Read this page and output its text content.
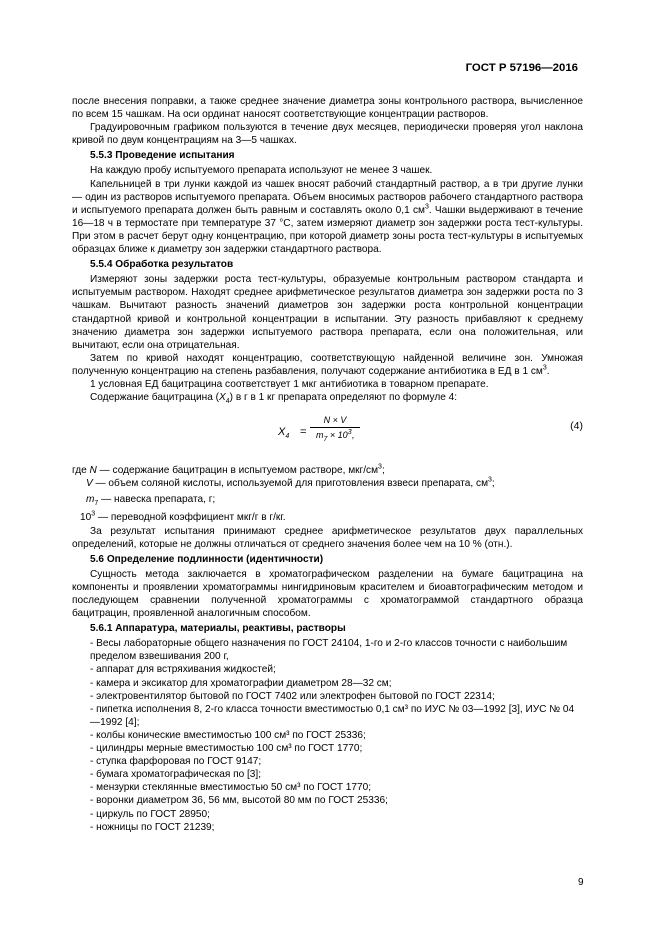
ГОСТ Р 57196—2016

после внесения поправки, а также среднее значение диаметра зоны контрольного раствора, вычисленное по всем 15 чашкам. На оси ординат наносят соответствующие концентрации растворов.

Градуировочным графиком пользуются в течение двух месяцев, периодически проверяя угол наклона кривой по двум концентрациям на 3—5 чашках.

5.5.3 Проведение испытания

На каждую пробу испытуемого препарата используют не менее 3 чашек.

Капельницей в три лунки каждой из чашек вносят рабочий стандартный раствор, а в три другие лунки — один из растворов испытуемого препарата. Объем вносимых растворов рабочего стандартного раствора и испытуемого препарата должен быть равным и составлять около 0,1 $см^3$. Чашки выдерживают в течение 16—18 ч в термостате при температуре 37 °C, затем измеряют диаметр зон задержки роста тест-культуры. При этом в расчет берут одну концентрацию, при которой диаметр зоны роста тест-культуры в испытуемых образцах ближе к диаметру зон задержки стандартного раствора.

5.5.4 Обработка результатов

Измеряют зоны задержки роста тест-культуры, образуемые контрольным раствором стандарта и испытуемым раствором. Находят среднее арифметическое результатов диаметра зон задержки роста по 3 чашкам. Вычитают разность значений диаметров зон задержки роста контрольной концентрации стандартной кривой и контрольной концентрации в испытании. Эту разность прибавляют к среднему значению диаметра зон задержки испытуемого раствора препарата, если она положительная, или вычитают, если она отрицательная.

Затем по кривой находят концентрацию, соответствующую найденной величине зон. Умножая полученную концентрацию на степень разбавления, получают содержание антибиотика в ЕД в 1 $см^3$.

1 условная ЕД бацитрацина соответствует 1 мкг антибиотика в товарном препарате.

Содержание бацитрацина $(X_4)$ в г в 1 кг препарата определяют по формуле 4:

$X_4 = \frac{N \times V}{m_7 \times 10^3,}$	(4)

где N — содержание бацитрацин в испытуемом растворе, мкг/$см^3$;

V — объем соляной кислоты, используемой для приготовления взвеси препарата, $см^3$;

$m_7$ — навеска препарата, г;

$10^3$ — переводной коэффициент мкг/г в г/кг.

За результат испытания принимают среднее арифметическое результатов двух параллельных определений, которые не должны отличаться от среднего значения более чем на 10 % (отн.).

5.6 Определение подлинности (идентичности)

Сущность метода заключается в хроматографическом разделении на бумаге бацитрацина на компоненты и проявлении хроматограммы нингидриновым красителем и биоавтографическим методом и последующем сравнении полученной хроматограммы с хроматограммой стандартного образца бацитрацин, проявленной аналогичным способом.

5.6.1 Аппаратура, материалы, реактивы, растворы

- Весы лабораторные общего назначения по ГОСТ 24104, 1-го и 2-го классов точности с наибольшим пределом взвешивания 200 г,

- аппарат для встряхивания жидкостей;

- камера и эксикатор для хроматографии диаметром 28—32 см;

- электровентилятор бытовой по ГОСТ 7402 или электрофен бытовой по ГОСТ 22314;

- пипетка исполнения 8, 2-го класса точности вместимостью 0,1 см³ по ИУС № 03—1992 [3], ИУС № 04—1992 [4];

- колбы конические вместимостью 100 см³ по ГОСТ 25336;

- цилиндры мерные вместимостью 100 см³ по ГОСТ 1770;

- ступка фарфоровая по ГОСТ 9147;

- бумага хроматографическая по [3];

- мензурки стеклянные вместимостью 50 см³ по ГОСТ 1770;

- воронки диаметром 36, 56 мм, высотой 80 мм по ГОСТ 25336;

- циркуль по ГОСТ 28950;

- ножницы по ГОСТ 21239;

9
